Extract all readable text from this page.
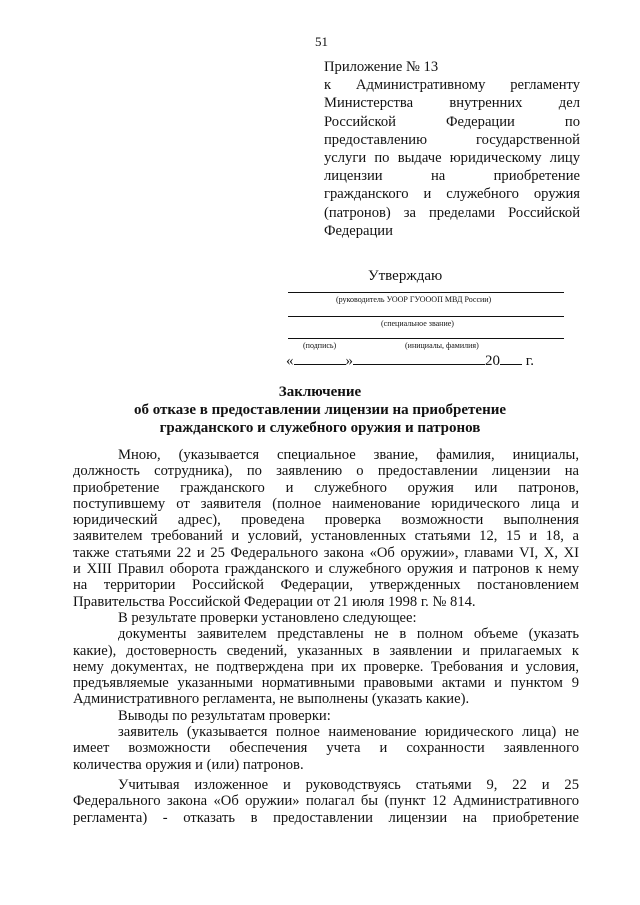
51
Приложение № 13
к Административному регламенту
Министерства внутренних дел
Российской Федерации по
предоставлению государственной
услуги по выдаче юридическому лицу
лицензии на приобретение
гражданского и служебного оружия
(патронов) за пределами Российской
Федерации
Утверждаю
(руководитель УООР ГУОООП МВД России)
(специальное звание)
(подпись)	(инициалы, фамилия)
«	»	20 г.
Заключение
об отказе в предоставлении лицензии на приобретение
гражданского и служебного оружия и патронов
Мною, (указывается специальное звание, фамилия, инициалы,
должность сотрудника), по заявлению о предоставлении лицензии на
приобретение гражданского и служебного оружия или патронов,
поступившему от заявителя (полное наименование юридического лица и
юридический адрес), проведена проверка возможности выполнения
заявителем требований и условий, установленных статьями 12, 15 и 18, а
также статьями 22 и 25 Федерального закона «Об оружии», главами VI, X, XI
и XIII Правил оборота гражданского и служебного оружия и патронов к нему
на территории Российской Федерации, утвержденных постановлением
Правительства Российской Федерации от 21 июля 1998 г. № 814.
В результате проверки установлено следующее:
документы заявителем представлены не в полном объеме (указать
какие), достоверность сведений, указанных в заявлении и прилагаемых к
нему документах, не подтверждена при их проверке. Требования и условия,
предъявляемые указанными нормативными правовыми актами и пунктом 9
Административного регламента, не выполнены (указать какие).
Выводы по результатам проверки:
заявитель (указывается полное наименование юридического лица) не
имеет возможности обеспечения учета и сохранности заявленного
количества оружия и (или) патронов.
Учитывая изложенное и руководствуясь статьями 9, 22 и 25
Федерального закона «Об оружии» полагал бы (пункт 12 Административного
регламента) - отказать в предоставлении лицензии на приобретение
